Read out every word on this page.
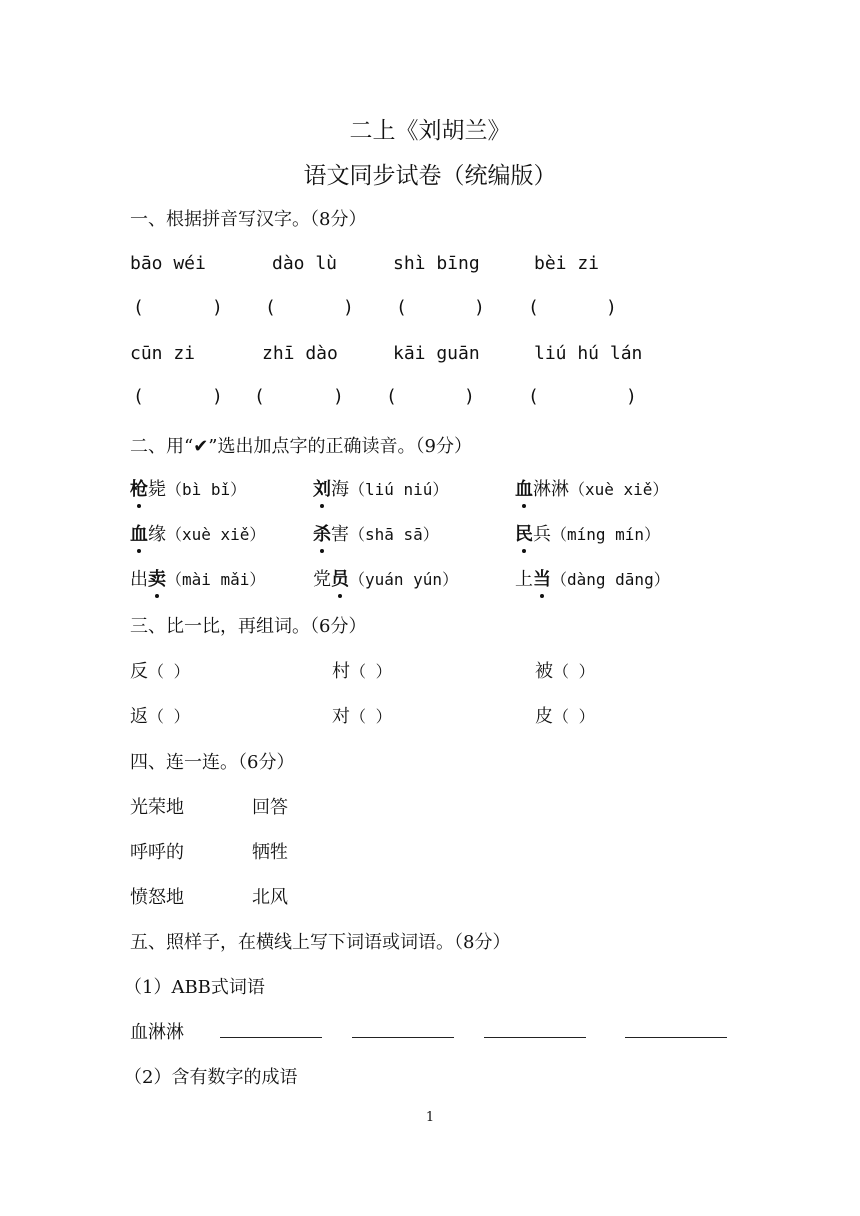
二上《刘胡兰》
语文同步试卷（统编版）
一、根据拼音写汉字。（8分）
bāo wéi	dào lù	shì bīng	bèi zi
(	) (	) (	) (	)
cūn zi	zhī dào	kāi guān	liú hú lán
(	) (	) (	)	(	)
二、用“✔”选出加点字的正确读音。（9分）
枪毙（bì bǐ）	刘海（liú niú）	血淋淋（xuè xiě）
血缘（xuè xiě）	杀害（shā sā）	民兵（míng mín）
出卖（mài mǎi）	党员（yuán yún）	上当（dàng dāng）
三、比一比，再组词。（6分）
反（ ）	村（ ）	被（ ）
返（ ）	对（ ）	皮（ ）
四、连一连。（6分）
光荣地	回答
呼呼的	牺牲
愤怒地	北风
五、照样子，在横线上写下词语或词语。（8分）
（1）ABB式词语
血淋淋
（2）含有数字的成语
1
